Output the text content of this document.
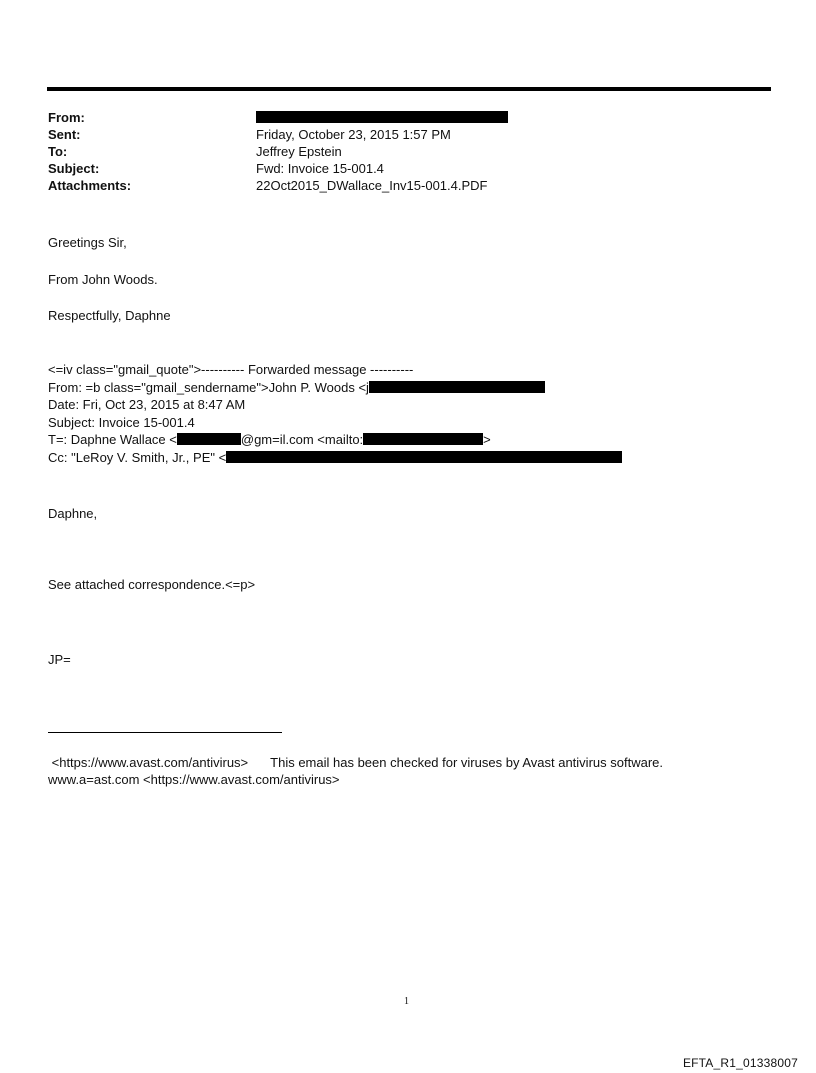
From:
Sent:	Friday, October 23, 2015 1:57 PM
To:	Jeffrey Epstein
Subject:	Fwd: Invoice 15-001.4
Attachments:	22Oct2015_DWallace_Inv15-001.4.PDF
Greetings Sir,
From John Woods.
Respectfully, Daphne
<=iv class="gmail_quote">---------- Forwarded message ----------
From: =b class="gmail_sendername">John P. Woods <j
Date: Fri, Oct 23, 2015 at 8:47 AM
Subject: Invoice 15-001.4
T=: Daphne Wallace <	@gm=il.com <mailto:	>
Cc: "LeRoy V. Smith, Jr., PE" <
Daphne,
See attached correspondence.<=p>
JP=
<https://www.avast.com/antivirus> This email has been checked for viruses by Avast antivirus software.
www.a=ast.com <https://www.avast.com/antivirus>
1
EFTA_R1_01338007
